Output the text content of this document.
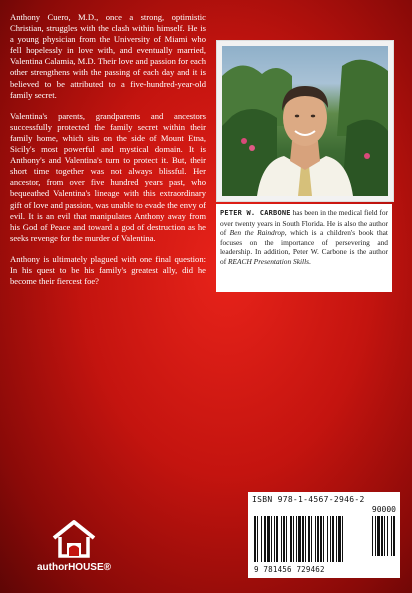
Anthony Cuero, M.D., once a strong, optimistic Christian, struggles with the clash within himself. He is a young physician from the University of Miami who fell hopelessly in love with, and eventually married, Valentina Calamia, M.D. Their love and passion for each other strengthens with the passing of each day and it is believed to be attributed to a five-hundred-year-old family secret.

Valentina's parents, grandparents and ancestors successfully protected the family secret within their family home, which sits on the side of Mount Etna, Sicily's most powerful and mystical domain. It is Anthony's and Valentina's turn to protect it. But, their short time together was not always blissful. Her ancestor, from over five hundred years past, who bequeathed Valentina's lineage with this extraordinary gift of love and passion, was unable to evade the envy of evil. It is an evil that manipulates Anthony away from his God of Peace and toward a god of destruction as he seeks revenge for the murder of Valentina.

Anthony is ultimately plagued with one final question: In his quest to be his family's greatest ally, did he become their fiercest foe?

PETER W. CARBONE has been in the medical field for over twenty years in South Florida. He is also the author of Ben the Raindrop, which is a children's book that focuses on the importance of persevering and leadership. In addition, Peter W. Carbone is the author of REACH Presentation Skills.
authorHOUSE®
ISBN 978-1-4567-2946-2
90000
9 781456 729462
